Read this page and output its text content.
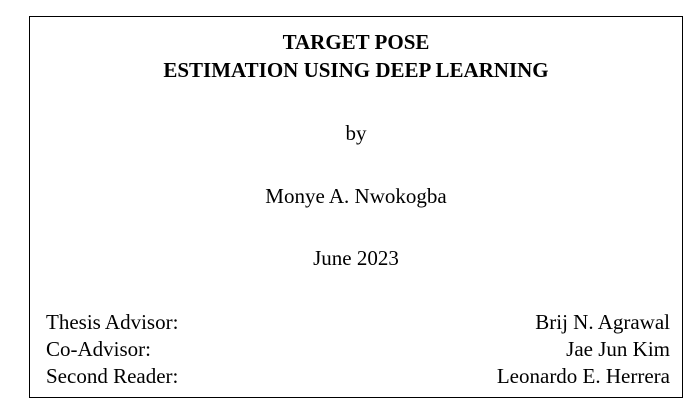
TARGET POSE
ESTIMATION USING DEEP LEARNING
by
Monye A. Nwokogba
June 2023
Thesis Advisor:	Brij N. Agrawal
Co-Advisor:	Jae Jun Kim
Second Reader:	Leonardo E. Herrera
